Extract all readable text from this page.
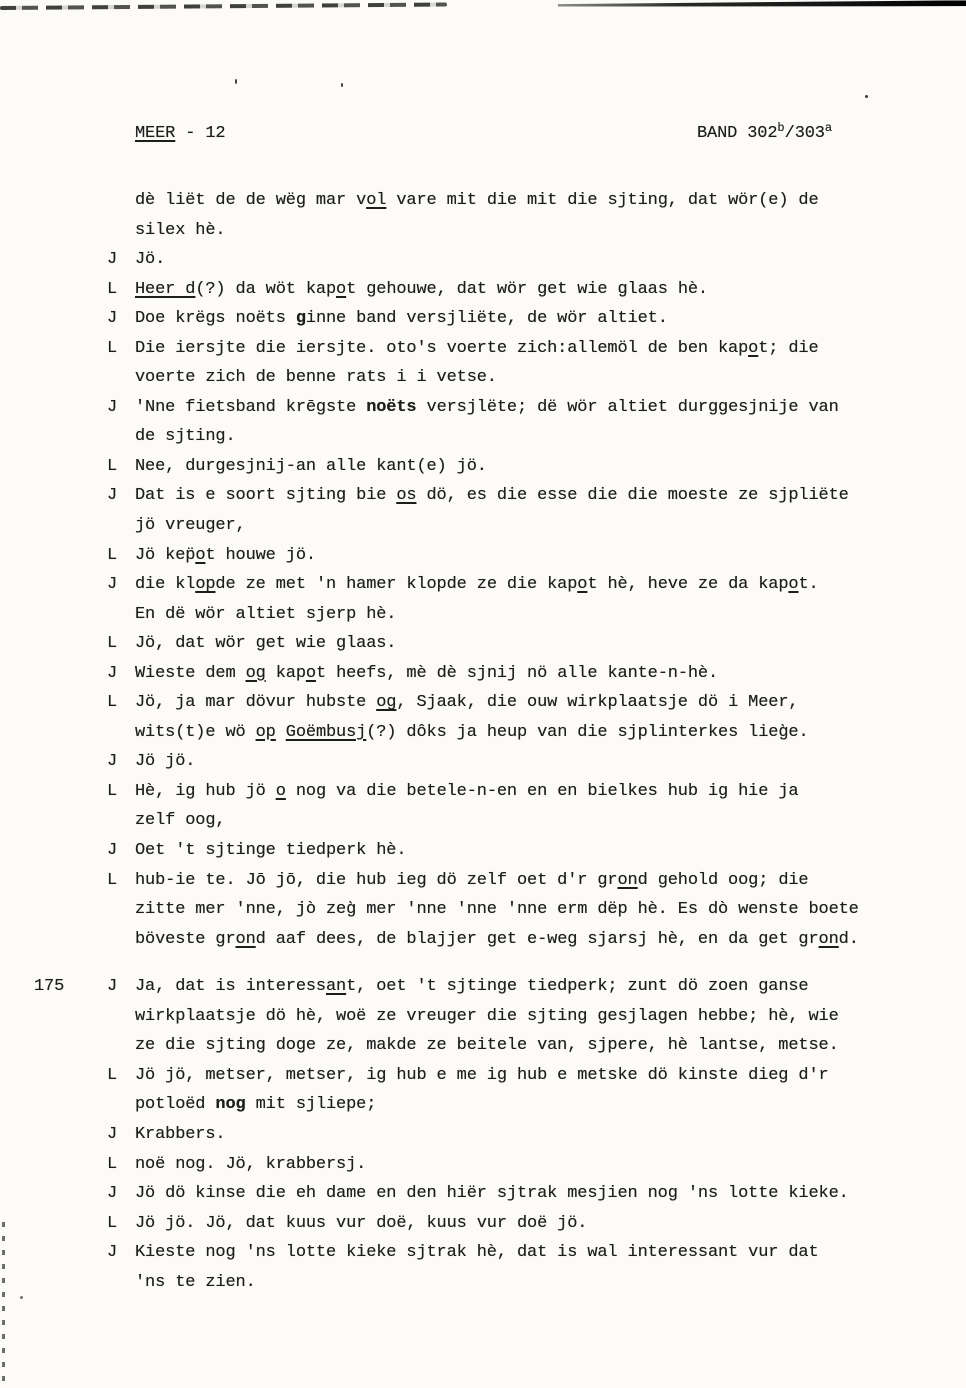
MEER - 12	BAND 302$^b$/303$^a$
dè liët de de wëg mar vol vare mit die mit die sjting, dat wör(e) de
silex hè.
J	Jö.
L	Heer d(?) da wöt kapot gehouwe, dat wör get wie glaas hè.
J	Doe krëgs noëts ginne band versjliëte, de wör altiet.
L	Die iersjte die iersjte. oto's voerte zich:allemöl de ben kapot; die
voerte zich de benne rats i i vetse.
J	'Nne fietsband krēgste noëts versjlëte; dë wör altiet durggesjnije van
de sjting.
L	Nee, durgesjnij-an alle kant(e) jö.
J	Dat is e soort sjting bie os dö, es die esse die die moeste ze sjpliëte
jö vreuger,
L	Jö kep̈ot houwe jö.
J	die klopde ze met 'n hamer klopde ze die kapot hè, heve ze da kapot.
En dë wör altiet sjerp hè.
L	Jö, dat wör get wie glaas.
J	Wieste dem og kapot heefs, mè dè sjnij nö alle kante-n-hè.
L	Jö, ja mar dövur hubste og, Sjaak, die ouw wirkplaatsje dö i Meer,
wits(t)e wö op Goëmbusj(?) dôks ja heup van die sjplinterkes lieg̀e.
J	Jö jö.
L	Hè, ig hub jö o nog va die betele-n-en en en bielkes hub ig hie ja
zelf oog,
J	Oet 't sjtinge tiedperk hè.
L	hub-ie te. Jō jō, die hub ieg dö zelf oet d'r grond gehold oog; die
zitte mer 'nne, jò zeg̀ mer 'nne 'nne 'nne erm dëp hè. Es dò wenste boete
böveste grond aaf dees, de blajjer get e-weg sjarsj hè, en da get grond.
175	J	Ja, dat is interessant, oet 't sjtinge tiedperk; zunt dö zoen ganse
wirkplaatsje dö hè, woë ze vreuger die sjting gesjlagen hebbe; hè, wie
ze die sjting doge ze, makde ze beitele van, sjpere, hè lantse, metse.
L	Jö jö, metser, metser, ig hub e me ig hub e metske dö kinste dieg d'r
potloëd nog mit sjliepe;
J	Krabbers.
L	noë nog. Jö, krabbersj.
J	Jö dö kinse die eh dame en den hiër sjtrak mesjien nog 'ns lotte kieke.
L	Jö jö. Jö, dat kuus vur doë, kuus vur doë jö.
J	Kieste nog 'ns lotte kieke sjtrak hè, dat is wal interessant vur dat
'ns te zien.
